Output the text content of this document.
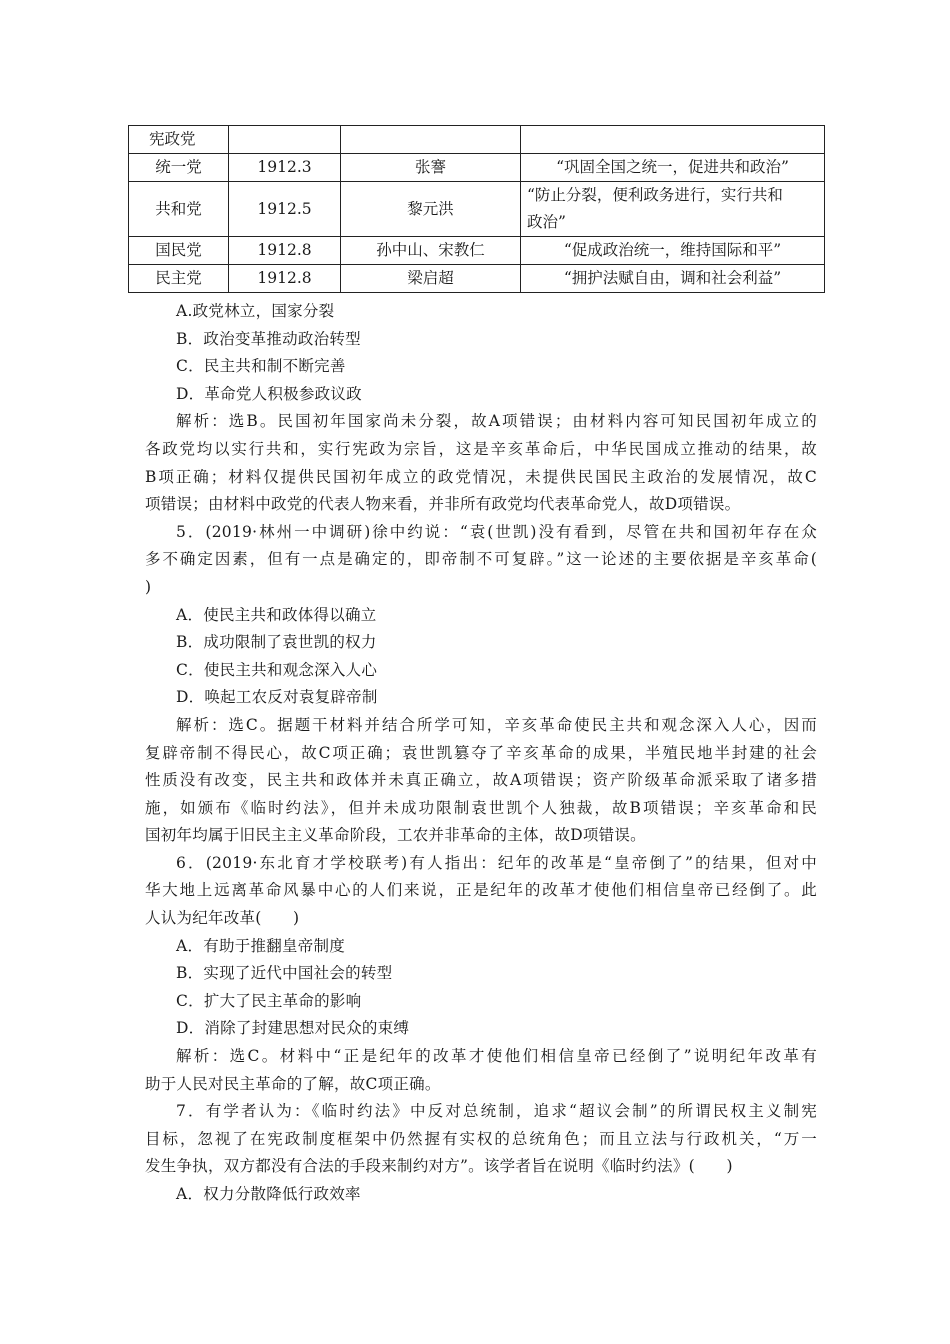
宪政党			
统一党	1912.3	张謇	“巩固全国之统一，促进共和政治”
共和党	1912.5	黎元洪	“防止分裂，便利政务进行，实行共和
政治”

国民党	1912.8	孙中山、宋教仁	“促成政治统一，维持国际和平”
民主党	1912.8	梁启超	“拥护法赋自由，调和社会利益”
A.政党林立，国家分裂
B．政治变革推动政治转型
C．民主共和制不断完善
D．革命党人积极参政议政
解析：选B。民国初年国家尚未分裂，故A项错误；由材料内容可知民国初年成立的
各政党均以实行共和，实行宪政为宗旨，这是辛亥革命后，中华民国成立推动的结果，故
B项正确；材料仅提供民国初年成立的政党情况，未提供民国民主政治的发展情况，故C
项错误；由材料中政党的代表人物来看，并非所有政党均代表革命党人，故D项错误。
5．(2019·林州一中调研)徐中约说：“袁(世凯)没有看到，尽管在共和国初年存在众
多不确定因素，但有一点是确定的，即帝制不可复辟。”这一论述的主要依据是辛亥革命(
)
A．使民主共和政体得以确立
B．成功限制了袁世凯的权力
C．使民主共和观念深入人心
D．唤起工农反对袁复辟帝制
解析：选C。据题干材料并结合所学可知，辛亥革命使民主共和观念深入人心，因而
复辟帝制不得民心，故C项正确；袁世凯篡夺了辛亥革命的成果，半殖民地半封建的社会
性质没有改变，民主共和政体并未真正确立，故A项错误；资产阶级革命派采取了诸多措
施，如颁布《临时约法》，但并未成功限制袁世凯个人独裁，故B项错误；辛亥革命和民
国初年均属于旧民主主义革命阶段，工农并非革命的主体，故D项错误。
6．(2019·东北育才学校联考)有人指出：纪年的改革是“皇帝倒了”的结果，但对中
华大地上远离革命风暴中心的人们来说，正是纪年的改革才使他们相信皇帝已经倒了。此
人认为纪年改革(　　)
A．有助于推翻皇帝制度
B．实现了近代中国社会的转型
C．扩大了民主革命的影响
D．消除了封建思想对民众的束缚
解析：选C。材料中“正是纪年的改革才使他们相信皇帝已经倒了”说明纪年改革有
助于人民对民主革命的了解，故C项正确。
7．有学者认为：《临时约法》中反对总统制，追求“超议会制”的所谓民权主义制宪
目标，忽视了在宪政制度框架中仍然握有实权的总统角色；而且立法与行政机关，“万一
发生争执，双方都没有合法的手段来制约对方”。该学者旨在说明《临时约法》(　　)
A．权力分散降低行政效率
